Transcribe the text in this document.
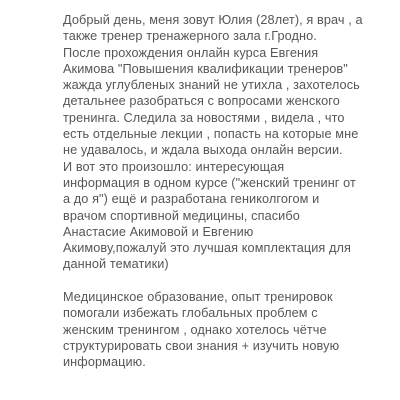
Добрый день, меня зовут Юлия (28лет), я врач , а
также тренер тренажерного зала г.Гродно.
После прохождения онлайн курса Евгения
Акимова "Повышения квалификации тренеров"
жажда углубленых знаний не утихла , захотелось
детальнее разобраться с вопросами женского
тренинга. Следила за новостями , видела , что
есть отдельные лекции , попасть на которые мне
не удавалось, и ждала выхода онлайн версии.
И вот это произошло: интересующая
информация в одном курсе ("женский тренинг от
а до я") ещё и разработана гениколгогом и
врачом спортивной медицины, спасибо
Анастасие Акимовой и Евгению
Акимову,пожалуй это лучшая комплектация для
данной тематики)
Медицинское образование, опыт тренировок
помогали избежать глобальных проблем с
женским тренингом , однако хотелось чётче
структурировать свои знания + изучить новую
информацию.
